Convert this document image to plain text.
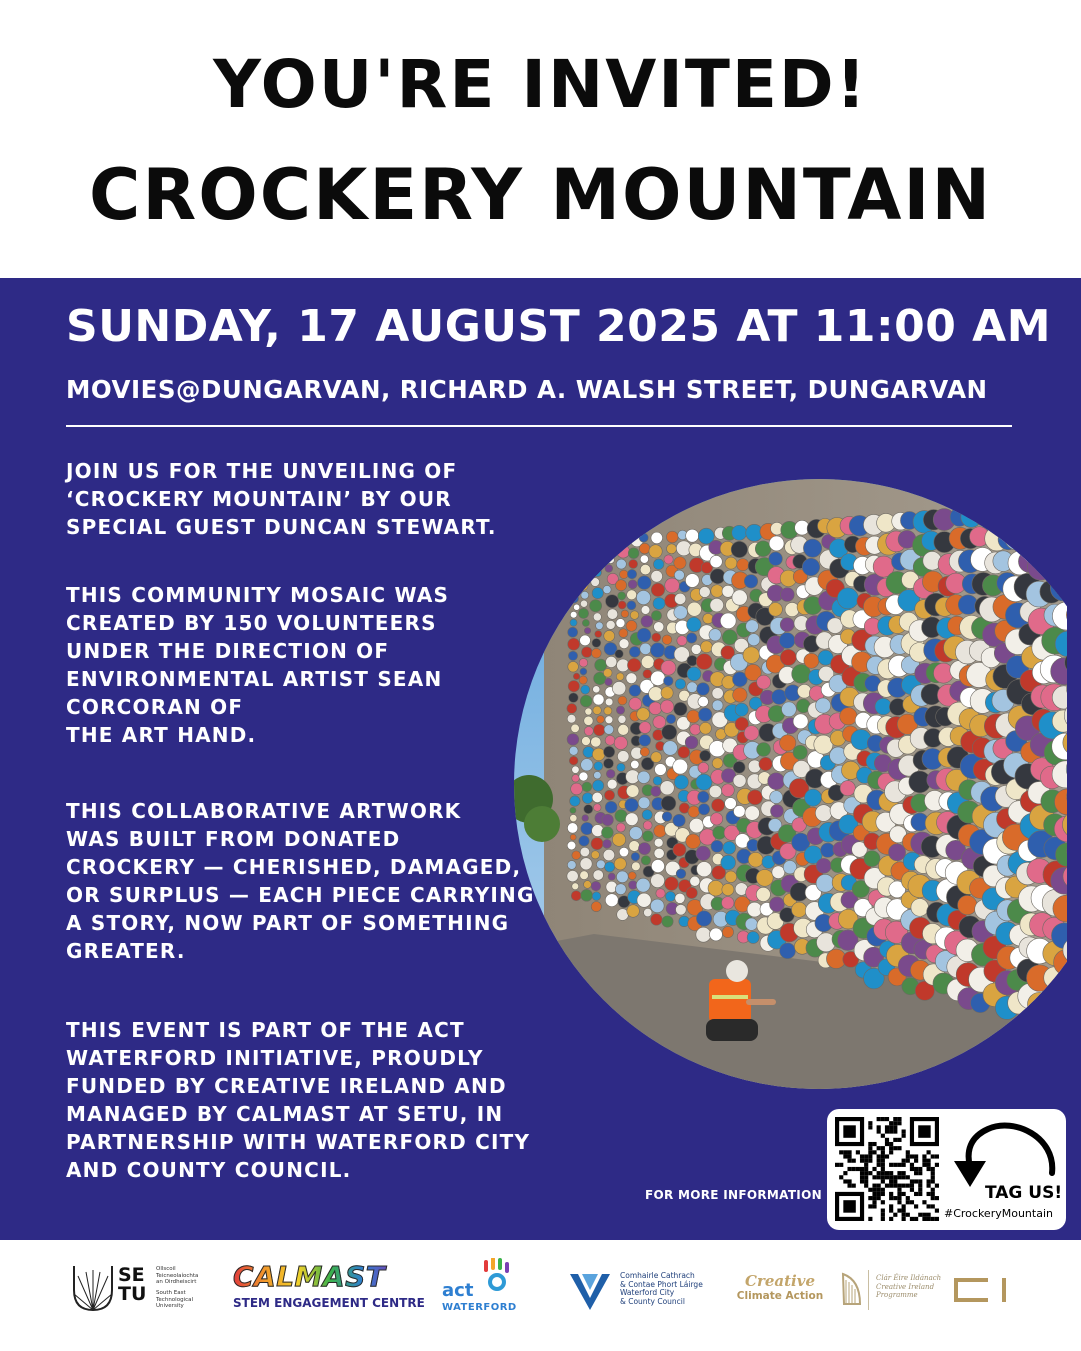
YOU'RE INVITED!
CROCKERY MOUNTAIN
SUNDAY, 17 AUGUST 2025 AT 11:00 AM
MOVIES@DUNGARVAN, RICHARD A. WALSH STREET, DUNGARVAN
JOIN US FOR THE UNVEILING OF
‘CROCKERY MOUNTAIN’ BY OUR
SPECIAL GUEST DUNCAN STEWART.
THIS COMMUNITY MOSAIC WAS
CREATED BY 150 VOLUNTEERS
UNDER THE DIRECTION OF
ENVIRONMENTAL ARTIST SEAN
CORCORAN OF
THE ART HAND.
THIS COLLABORATIVE ARTWORK
WAS BUILT FROM DONATED
CROCKERY — CHERISHED, DAMAGED,
OR SURPLUS — EACH PIECE CARRYING
A STORY, NOW PART OF SOMETHING
GREATER.
THIS EVENT IS PART OF THE ACT
WATERFORD INITIATIVE, PROUDLY
FUNDED BY CREATIVE IRELAND AND
MANAGED BY CALMAST AT SETU, IN
PARTNERSHIP WITH WATERFORD CITY
AND COUNTY COUNCIL.
FOR MORE INFORMATION	TAG US!
#CrockeryMountain
SE
TU
Ollscoil
Teicneolaíochta
an Oirdheiscirt
South East
Technological
University
CALMAST
STEM ENGAGEMENT CENTRE
act
WATERFORD
Comhairle Cathrach
& Contae Phort Láirge
Waterford City
& County Council
Creative
Climate Action
Clár Éire Ildánach
Creative Ireland
Programme
